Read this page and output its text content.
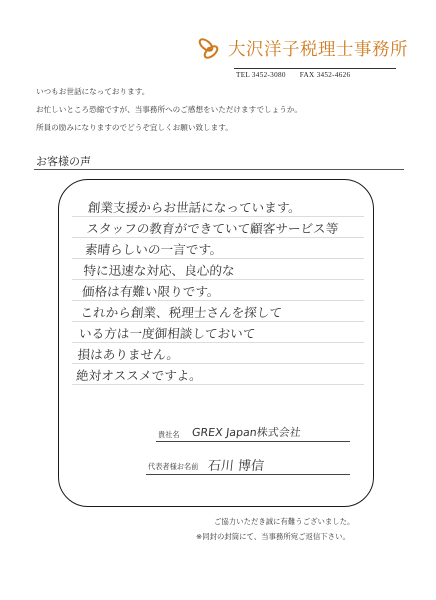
大沢洋子税理士事務所
TEL 3452-3080 FAX 3452-4626
いつもお世話になっております。
お忙しいところ恐縮ですが、当事務所へのご感想をいただけますでしょうか。
所員の励みになりますのでどうぞ宜しくお願い致します。
お客様の声
創業支援からお世話になっています。
スタッフの教育ができていて顧客サービス等
素晴らしいの一言です。
特に迅速な対応、良心的な
価格は有難い限りです。
これから創業、税理士さんを探して
いる方は一度御相談しておいて
損はありません。
絶対オススメですよ。
貴社名 GREX Japan株式会社
代表者様お名前 石川 博信
ご協力いただき誠に有難うございました。
※同封の封筒にて、当事務所宛ご返信下さい。
